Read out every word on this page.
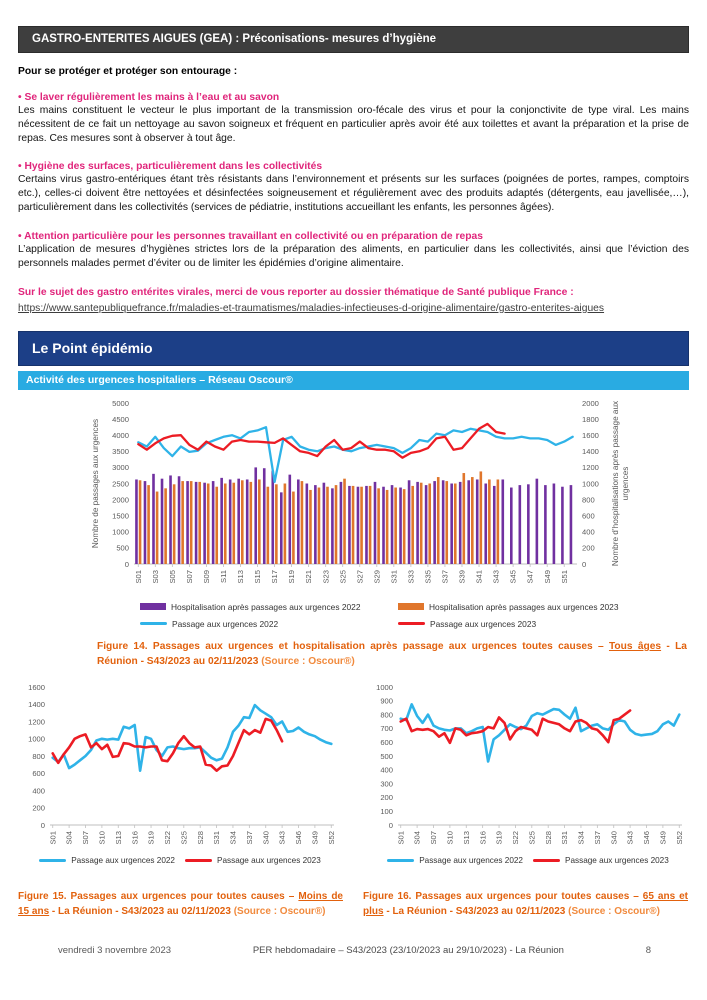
GASTRO-ENTERITES AIGUES (GEA) : Préconisations- mesures d’hygiène

Pour se protéger et protéger son entourage :

• Se laver régulièrement les mains à l’eau et au savon

Les mains constituent le vecteur le plus important de la transmission oro-fécale des virus et pour la conjonctivite de type viral. Les mains nécessitent de ce fait un nettoyage au savon soigneux et fréquent en particulier après avoir été aux toilettes et avant la préparation et la prise de repas. Ces mesures sont à observer à tout âge.

• Hygiène des surfaces, particulièrement dans les collectivités

Certains virus gastro-entériques étant très résistants dans l’environnement et présents sur les surfaces (poignées de portes, rampes, comptoirs etc.), celles-ci doivent être nettoyées et désinfectées soigneusement et régulièrement avec des produits adaptés (détergents, eau javellisée,…), particulièrement dans les collectivités (services de pédiatrie, institutions accueillant les enfants, les personnes âgées).

• Attention particulière pour les personnes travaillant en collectivité ou en préparation de repas

L’application de mesures d’hygiènes strictes lors de la préparation des aliments, en particulier dans les collectivités, ainsi que l’éviction des personnels malades permet d’éviter ou de limiter les épidémies d’origine alimentaire.

Sur le sujet des gastro entérites virales, merci de vous reporter au dossier thématique de Santé publique France :
https://www.santepubliquefrance.fr/maladies-et-traumatismes/maladies-infectieuses-d-origine-alimentaire/gastro-enterites-aigues
Le Point épidémio
Activité des urgences hospitaliers – Réseau Oscour®
0
500
1000
1500
2000
2500
3000
3500
4000
4500
5000
0
200
400
600
800
1000
1200
1400
1600
1800
2000
S01 S03 S05 S07 S09 S11 S13 S15 S17 S19 S21 S23 S25 S27 S29 S31 S33 S35 S37 S39 S41 S43 S45 S47 S49 S51
Nombre de passages aux urgences	Nombre d’hospitalisations après passage aux urgences
Hospitalisation après passages aux urgences 2022	Hospitalisation après passages aux urgences 2023
Passage aux urgences 2022	Passage aux urgences 2023

Figure 14. Passages aux urgences et hospitalisation après passage aux urgences toutes causes – Tous âges - La Réunion - S43/2023 au 02/11/2023 (Source : Oscour®)

0
200
400
600
800
1000
1200
1400
1600
S01 S04 S07 S10 S13 S16 S19 S22 S25 S28 S31 S34 S37 S40 S43 S46 S49 S52
Passage aux urgences 2022	Passage aux urgences 2023
0
100
200
300
400
500
600
700
800
900
1000
S01 S04 S07 S10 S13 S16 S19 S22 S25 S28 S31 S34 S37 S40 S43 S46 S49 S52
Passage aux urgences 2022	Passage aux urgences 2023

Figure 15. Passages aux urgences pour toutes causes – Moins de 15 ans - La Réunion - S43/2023 au 02/11/2023 (Source : Oscour®)

Figure 16. Passages aux urgences pour toutes causes – 65 ans et plus - La Réunion - S43/2023 au 02/11/2023 (Source : Oscour®)

vendredi 3 novembre 2023	PER hebdomadaire – S43/2023 (23/10/2023 au 29/10/2023) - La Réunion	8
